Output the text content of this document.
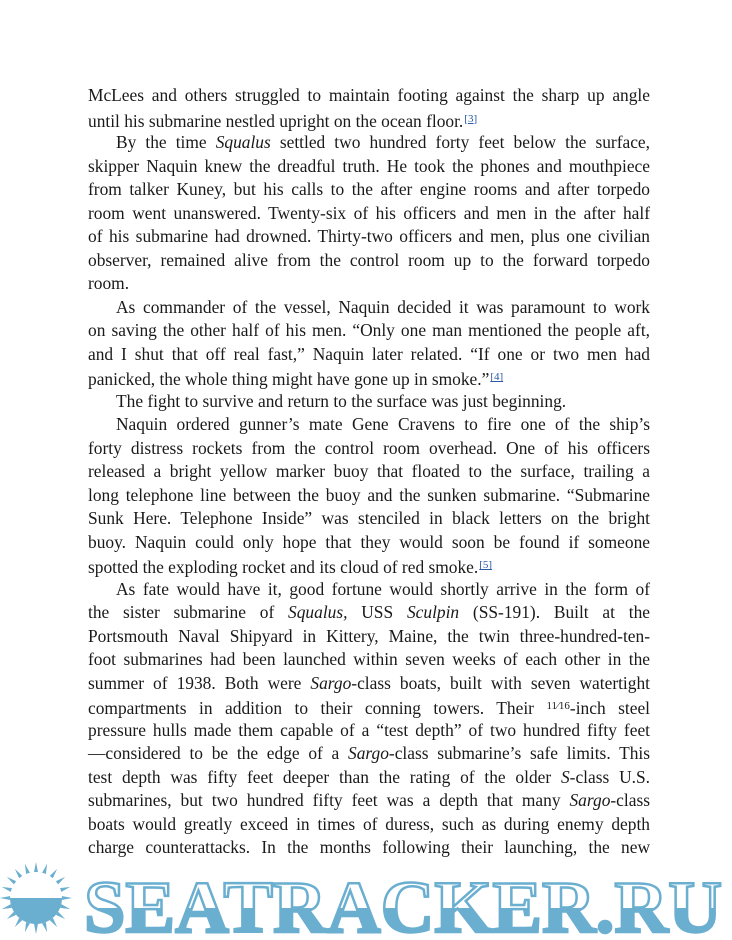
McLees and others struggled to maintain footing against the sharp up angle
until his submarine nestled upright on the ocean floor.[3]
By the time Squalus settled two hundred forty feet below the surface,
skipper Naquin knew the dreadful truth. He took the phones and mouthpiece
from talker Kuney, but his calls to the after engine rooms and after torpedo
room went unanswered. Twenty-six of his officers and men in the after half
of his submarine had drowned. Thirty-two officers and men, plus one civilian
observer, remained alive from the control room up to the forward torpedo
room.
As commander of the vessel, Naquin decided it was paramount to work
on saving the other half of his men. “Only one man mentioned the people aft,
and I shut that off real fast,” Naquin later related. “If one or two men had
panicked, the whole thing might have gone up in smoke.”[4]
The fight to survive and return to the surface was just beginning.
Naquin ordered gunner’s mate Gene Cravens to fire one of the ship’s
forty distress rockets from the control room overhead. One of his officers
released a bright yellow marker buoy that floated to the surface, trailing a
long telephone line between the buoy and the sunken submarine. “Submarine
Sunk Here. Telephone Inside” was stenciled in black letters on the bright
buoy. Naquin could only hope that they would soon be found if someone
spotted the exploding rocket and its cloud of red smoke.[5]
As fate would have it, good fortune would shortly arrive in the form of
the sister submarine of Squalus, USS Sculpin (SS-191). Built at the
Portsmouth Naval Shipyard in Kittery, Maine, the twin three-hundred-ten-
foot submarines had been launched within seven weeks of each other in the
summer of 1938. Both were Sargo-class boats, built with seven watertight
compartments in addition to their conning towers. Their $^{11⁄16}$-inch steel
pressure hulls made them capable of a “test depth” of two hundred fifty feet
—considered to be the edge of a Sargo-class submarine’s safe limits. This
test depth was fifty feet deeper than the rating of the older S-class U.S.
submarines, but two hundred fifty feet was a depth that many Sargo-class
boats would greatly exceed in times of duress, such as during enemy depth
charge counterattacks. In the months following their launching, the new
SEATRACKER.RU
